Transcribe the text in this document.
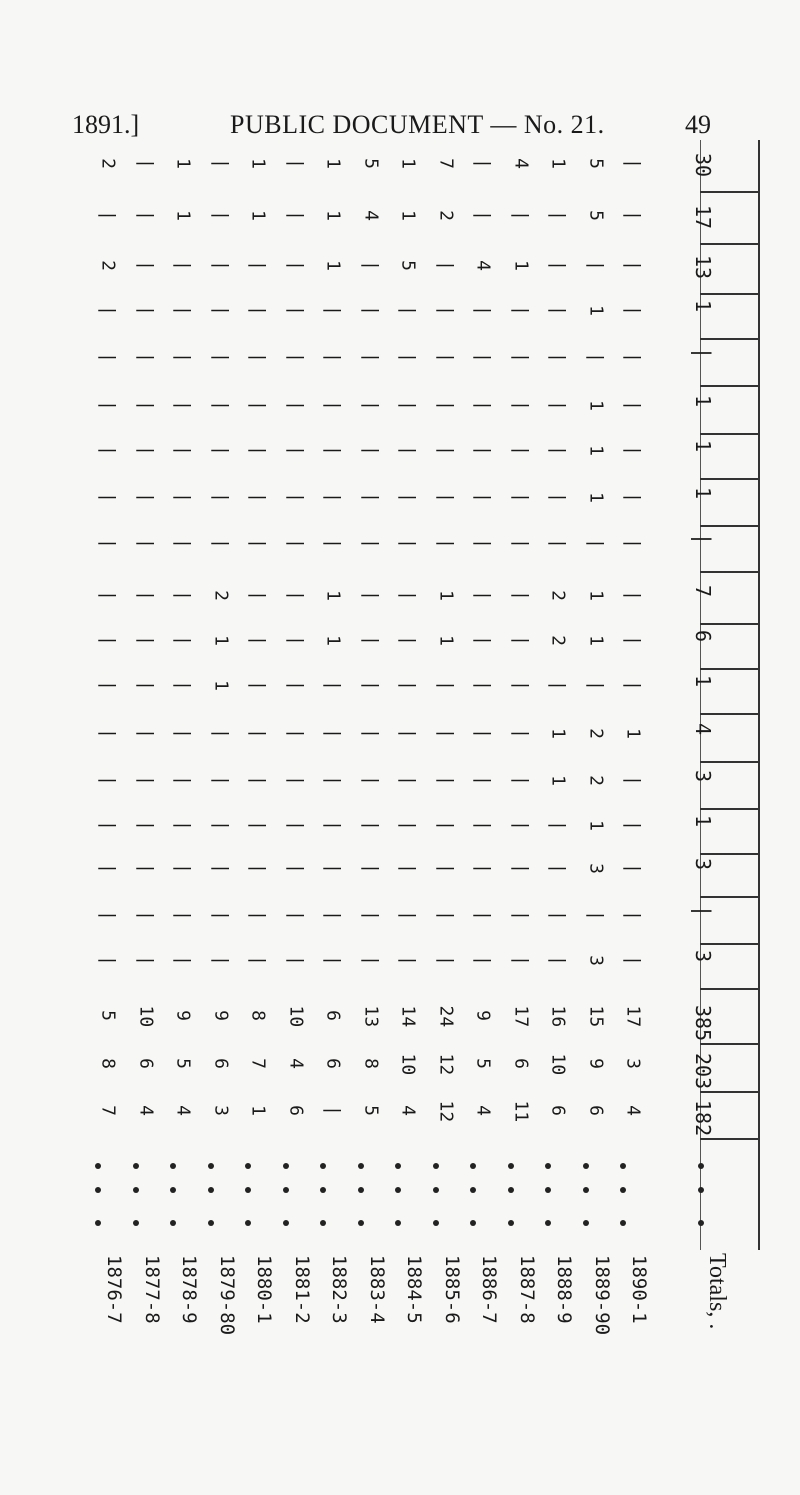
1891.]	PUBLIC DOCUMENT — No. 21.	49
2 | 1 | 1 | 1 5 1 7 | 4 1 5 | 30
| | 1 | 1 | 1 4 1 2 | | | 5 | 17
2 | | | | | 1 | 5 | 4 1 | | | 13
| | | | | | | | | | | | | 1 | 1
| | | | | | | | | | | | | | | |
| | | | | | | | | | | | | 1 | 1
| | | | | | | | | | | | | 1 | 1
| | | | | | | | | | | | | 1 | 1
| | | | | | | | | | | | | | | |
| | | 2 | | 1 | | 1 | | 2 1 | 7
| | | 1 | | 1 | | 1 | | 2 1 | 6
| | | 1 | | | | | | | | | | | 1
| | | | | | | | | | | | 1 2 1 4
| | | | | | | | | | | | 1 2 | 3
| | | | | | | | | | | | | 1 | 1
| | | | | | | | | | | | | 3 | 3
| | | | | | | | | | | | | | | |
| | | | | | | | | | | | | 3 | 3
5 10 9 9 8 10 6 13 14 24 9 17 16 15 17 385
8 6 5 6 7 4 6 8 10 12 5 6 10 9 3 203
7 4 4 3 1 6 | 5 4 12 4 11 6 6 4 182
1876-7 1877-8 1878-9 1879-80 1880-1 1881-2 1882-3 1883-4 1884-5 1885-6 1886-7 1887-8 1888-9 1889-90 1890-1 Totals, .
